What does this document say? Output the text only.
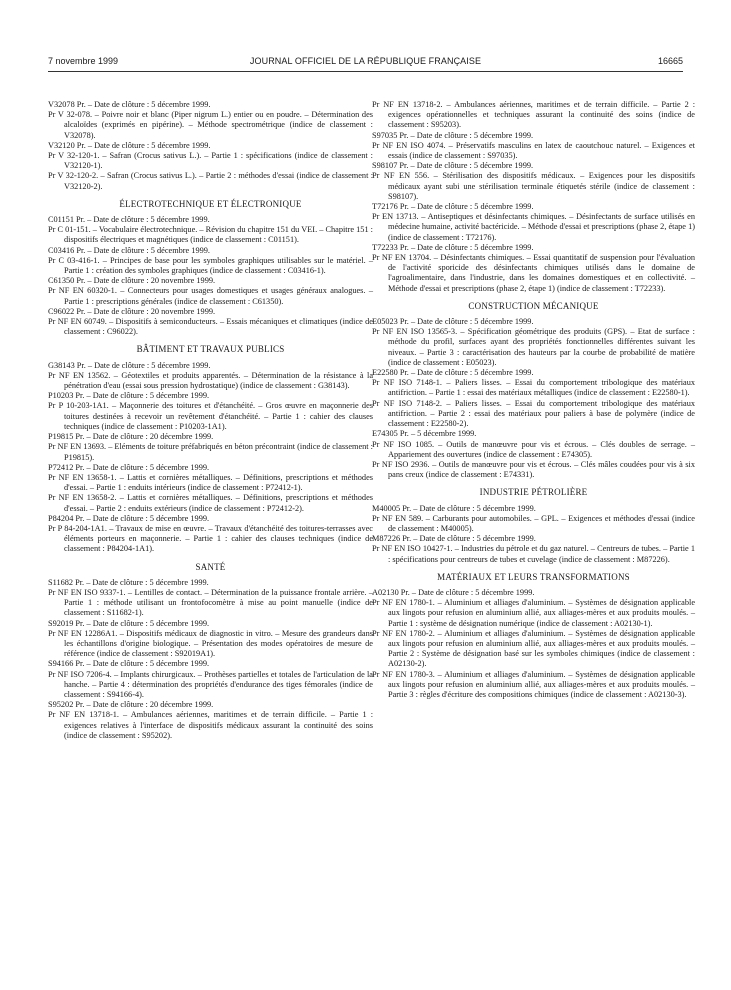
7 novembre 1999	JOURNAL OFFICIEL DE LA RÉPUBLIQUE FRANÇAISE	16665
V32078 Pr. – Date de clôture : 5 décembre 1999.
Pr V 32-078. – Poivre noir et blanc (Piper nigrum L.) entier ou en poudre. – Détermination des alcaloïdes (exprimés en pipérine). – Méthode spectrométrique (indice de classement : V32078).
V32120 Pr. – Date de clôture : 5 décembre 1999.
Pr V 32-120-1. – Safran (Crocus sativus L.). – Partie 1 : spécifications (indice de classement : V32120-1).
Pr V 32-120-2. – Safran (Crocus sativus L.). – Partie 2 : méthodes d'essai (indice de classement : V32120-2).
ÉLECTROTECHNIQUE ET ÉLECTRONIQUE
C01151 Pr. – Date de clôture : 5 décembre 1999.
Pr C 01-151. – Vocabulaire électrotechnique. – Révision du chapitre 151 du VEI. – Chapitre 151 : dispositifs électriques et magnétiques (indice de classement : C01151).
C03416 Pr. – Date de clôture : 5 décembre 1999.
Pr C 03-416-1. – Principes de base pour les symboles graphiques utilisables sur le matériel. – Partie 1 : création des symboles graphiques (indice de classement : C03416-1).
C61350 Pr. – Date de clôture : 20 novembre 1999.
Pr NF EN 60320-1. – Connecteurs pour usages domestiques et usages généraux analogues. – Partie 1 : prescriptions générales (indice de classement : C61350).
C96022 Pr. – Date de clôture : 20 novembre 1999.
Pr NF EN 60749. – Dispositifs à semiconducteurs. – Essais mécaniques et climatiques (indice de classement : C96022).
BÂTIMENT ET TRAVAUX PUBLICS
G38143 Pr. – Date de clôture : 5 décembre 1999.
Pr NF EN 13562. – Géotextiles et produits apparentés. – Détermination de la résistance à la pénétration d'eau (essai sous pression hydrostatique) (indice de classement : G38143).
P10203 Pr. – Date de clôture : 5 décembre 1999.
Pr P 10-203-1A1. – Maçonnerie des toitures et d'étanchéité. – Gros œuvre en maçonnerie des toitures destinées à recevoir un revêtement d'étanchéité. – Partie 1 : cahier des clauses techniques (indice de classement : P10203-1A1).
P19815 Pr. – Date de clôture : 20 décembre 1999.
Pr NF EN 13693. – Eléments de toiture préfabriqués en béton précontraint (indice de classement : P19815).
P72412 Pr. – Date de clôture : 5 décembre 1999.
Pr NF EN 13658-1. – Lattis et cornières métalliques. – Définitions, prescriptions et méthodes d'essai. – Partie 1 : enduits intérieurs (indice de classement : P72412-1).
Pr NF EN 13658-2. – Lattis et cornières métalliques. – Définitions, prescriptions et méthodes d'essai. – Partie 2 : enduits extérieurs (indice de classement : P72412-2).
P84204 Pr. – Date de clôture : 5 décembre 1999.
Pr P 84-204-1A1. – Travaux de mise en œuvre. – Travaux d'étanchéité des toitures-terrasses avec éléments porteurs en maçonnerie. – Partie 1 : cahier des clauses techniques (indice de classement : P84204-1A1).
SANTÉ
S11682 Pr. – Date de clôture : 5 décembre 1999.
Pr NF EN ISO 9337-1. – Lentilles de contact. – Détermination de la puissance frontale arrière. – Partie 1 : méthode utilisant un frontofocomètre à mise au point manuelle (indice de classement : S11682-1).
S92019 Pr. – Date de clôture : 5 décembre 1999.
Pr NF EN 12286A1. – Dispositifs médicaux de diagnostic in vitro. – Mesure des grandeurs dans les échantillons d'origine biologique. – Présentation des modes opératoires de mesure de référence (indice de classement : S92019A1).
S94166 Pr. – Date de clôture : 5 décembre 1999.
Pr NF ISO 7206-4. – Implants chirurgicaux. – Prothèses partielles et totales de l'articulation de la hanche. – Partie 4 : détermination des propriétés d'endurance des tiges fémorales (indice de classement : S94166-4).
S95202 Pr. – Date de clôture : 20 décembre 1999.
Pr NF EN 13718-1. – Ambulances aériennes, maritimes et de terrain difficile. – Partie 1 : exigences relatives à l'interface de dispositifs médicaux assurant la continuité des soins (indice de classement : S95202).
Pr NF EN 13718-2. – Ambulances aériennes, maritimes et de terrain difficile. – Partie 2 : exigences opérationnelles et techniques assurant la continuité des soins (indice de classement : S95203).
S97035 Pr. – Date de clôture : 5 décembre 1999.
Pr NF EN ISO 4074. – Préservatifs masculins en latex de caoutchouc naturel. – Exigences et essais (indice de classement : S97035).
S98107 Pr. – Date de clôture : 5 décembre 1999.
Pr NF EN 556. – Stérilisation des dispositifs médicaux. – Exigences pour les dispositifs médicaux ayant subi une stérilisation terminale étiquetés stérile (indice de classement : S98107).
T72176 Pr. – Date de clôture : 5 décembre 1999.
Pr EN 13713. – Antiseptiques et désinfectants chimiques. – Désinfectants de surface utilisés en médecine humaine, activité bactéricide. – Méthode d'essai et prescriptions (phase 2, étape 1) (indice de classement : T72176).
T72233 Pr. – Date de clôture : 5 décembre 1999.
Pr NF EN 13704. – Désinfectants chimiques. – Essai quantitatif de suspension pour l'évaluation de l'activité sporicide des désinfectants chimiques utilisés dans le domaine de l'agroalimentaire, dans l'industrie, dans les domaines domestiques et en collectivité. – Méthode d'essai et prescriptions (phase 2, étape 1) (indice de classement : T72233).
CONSTRUCTION MÉCANIQUE
E05023 Pr. – Date de clôture : 5 décembre 1999.
Pr NF EN ISO 13565-3. – Spécification géométrique des produits (GPS). – Etat de surface : méthode du profil, surfaces ayant des propriétés fonctionnelles différentes suivant les niveaux. – Partie 3 : caractérisation des hauteurs par la courbe de probabilité de matière (indice de classement : E05023).
E22580 Pr. – Date de clôture : 5 décembre 1999.
Pr NF ISO 7148-1. – Paliers lisses. – Essai du comportement tribologique des matériaux antifriction. – Partie 1 : essai des matériaux métalliques (indice de classement : E22580-1).
Pr NF ISO 7148-2. – Paliers lisses. – Essai du comportement tribologique des matériaux antifriction. – Partie 2 : essai des matériaux pour paliers à base de polymère (indice de classement : E22580-2).
E74305 Pr. – 5 décembre 1999.
Pr NF ISO 1085. – Outils de manœuvre pour vis et écrous. – Clés doubles de serrage. – Appariement des ouvertures (indice de classement : E74305).
Pr NF ISO 2936. – Outils de manœuvre pour vis et écrous. – Clés mâles coudées pour vis à six pans creux (indice de classement : E74331).
INDUSTRIE PÉTROLIÈRE
M40005 Pr. – Date de clôture : 5 décembre 1999.
Pr NF EN 589. – Carburants pour automobiles. – GPL. – Exigences et méthodes d'essai (indice de classement : M40005).
M87226 Pr. – Date de clôture : 5 décembre 1999.
Pr NF EN ISO 10427-1. – Industries du pétrole et du gaz naturel. – Centreurs de tubes. – Partie 1 : spécifications pour centreurs de tubes et cuvelage (indice de classement : M87226).
MATÉRIAUX ET LEURS TRANSFORMATIONS
A02130 Pr. – Date de clôture : 5 décembre 1999.
Pr NF EN 1780-1. – Aluminium et alliages d'aluminium. – Systèmes de désignation applicable aux lingots pour refusion en aluminium allié, aux alliages-mères et aux produits moulés. – Partie 1 : système de désignation numérique (indice de classement : A02130-1).
Pr NF EN 1780-2. – Aluminium et alliages d'aluminium. – Systèmes de désignation applicable aux lingots pour refusion en aluminium allié, aux alliages-mères et aux produits moulés. – Partie 2 : Système de désignation basé sur les symboles chimiques (indice de classement : A02130-2).
Pr NF EN 1780-3. – Aluminium et alliages d'aluminium. – Systèmes de désignation applicable aux lingots pour refusion en aluminium allié, aux alliages-mères et aux produits moulés. – Partie 3 : règles d'écriture des compositions chimiques (indice de classement : A02130-3).
